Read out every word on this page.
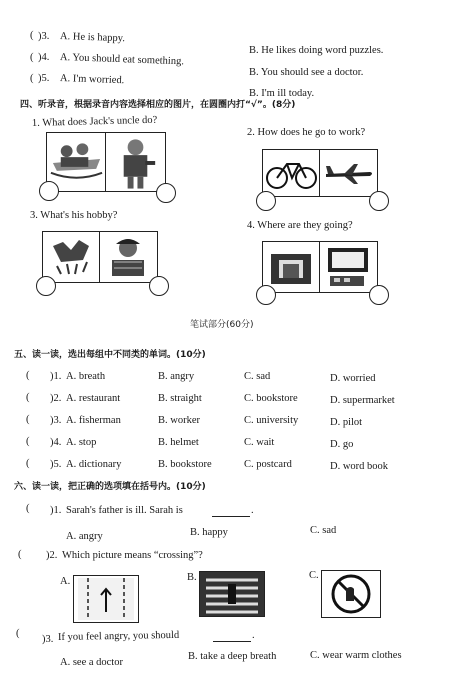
( )3. A. He is happy.
( )4. A. You should eat something.
( )5. A. I'm worried.
B. He likes doing word puzzles.
B. You should see a doctor.
B. I'm ill today.
四、听录音，根据录音内容选择相应的图片，在圆圈内打“√”。(8分)
1. What does Jack's uncle do?
2. How does he go to work?
3. What's his hobby?
4. Where are they going?
笔试部分(60分)
五、读一读，选出每组中不同类的单词。(10分)
( )1. A. breath	B. angry	C. sad	D. worried
( )2. A. restaurant	B. straight	C. bookstore	D. supermarket
( )3. A. fisherman	B. worker	C. university	D. pilot
( )4. A. stop	B. helmet	C. wait	D. go
( )5. A. dictionary	B. bookstore	C. postcard	D. word book
六、读一读，把正确的选项填在括号内。(10分)
( )1. Sarah's father is ill. Sarah is	.
A. angry	B. happy	C. sad
( )2. Which picture means “crossing”?
A.	B.	C.
(
)3. If you feel angry, you should	.
A. see a doctor
B. take a deep breath	C. wear warm clothes
